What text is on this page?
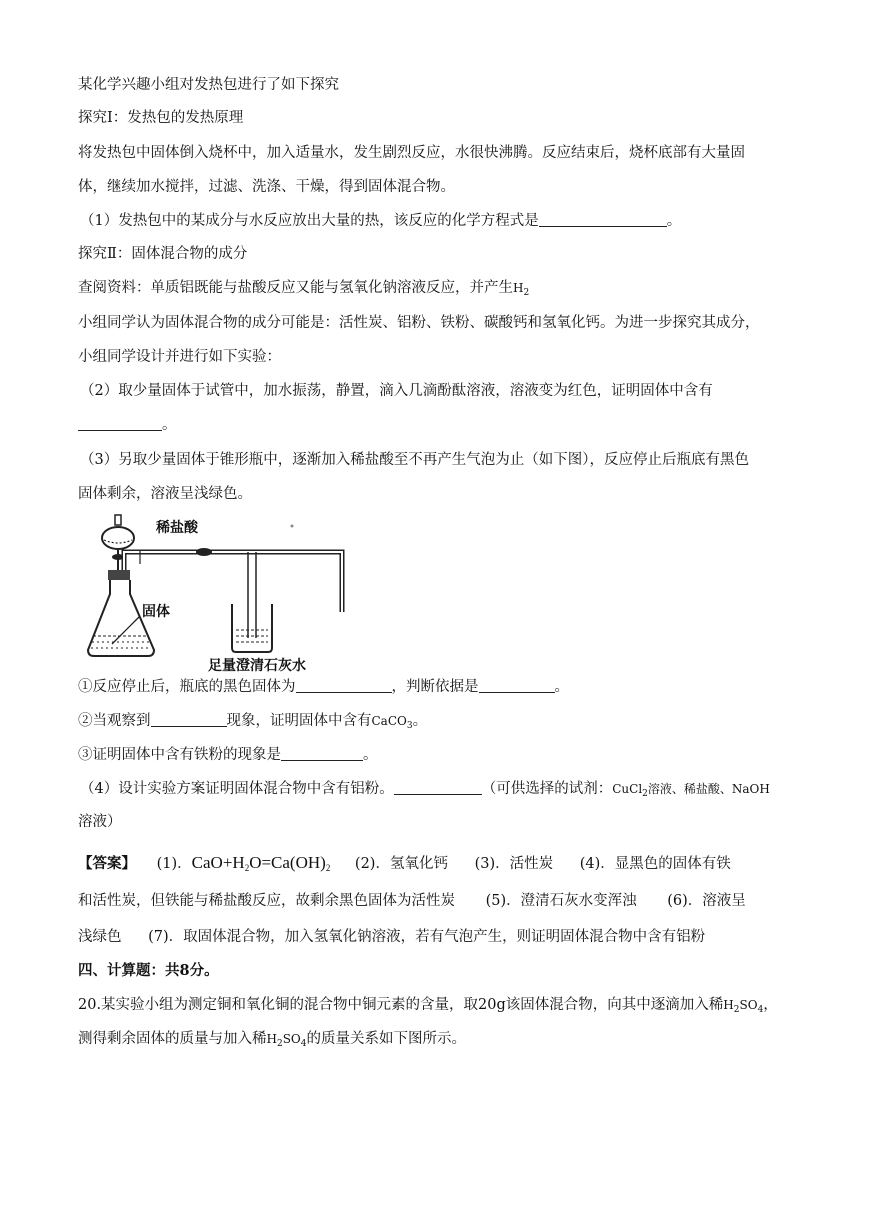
某化学兴趣小组对发热包进行了如下探究
探究Ⅰ：发热包的发热原理
将发热包中固体倒入烧杯中，加入适量水，发生剧烈反应，水很快沸腾。反应结束后，烧杯底部有大量固
体，继续加水搅拌，过滤、洗涤、干燥，得到固体混合物。
（1）发热包中的某成分与水反应放出大量的热，该反应的化学方程式是	。
探究Ⅱ：固体混合物的成分
查阅资料：单质铝既能与盐酸反应又能与氢氧化钠溶液反应，并产生$H_2$
小组同学认为固体混合物的成分可能是：活性炭、铝粉、铁粉、碳酸钙和氢氧化钙。为进一步探究其成分，
小组同学设计并进行如下实验：
（2）取少量固体于试管中，加水振荡，静置，滴入几滴酚酞溶液，溶液变为红色，证明固体中含有
。
（3）另取少量固体于锥形瓶中，逐渐加入稀盐酸至不再产生气泡为止（如下图），反应停止后瓶底有黑色
固体剩余，溶液呈浅绿色。
稀盐酸
固体
足量澄清石灰水
①反应停止后，瓶底的黑色固体为	，判断依据是	。
②当观察到	现象，证明固体中含有CaCO$_3$。
③证明固体中含有铁粉的现象是	。
（4）设计实验方案证明固体混合物中含有铝粉。	（可供选择的试剂：CuCl$_2$溶液、稀盐酸、NaOH
溶液）
【答案】 (1)．$CaO+H_2O=Ca(OH)_2$ (2)．氢氧化钙 (3)．活性炭 (4)．显黑色的固体有铁
和活性炭，但铁能与稀盐酸反应，故剩余黑色固体为活性炭 (5)．澄清石灰水变浑浊 (6)．溶液呈
浅绿色 (7)．取固体混合物，加入氢氧化钠溶液，若有气泡产生，则证明固体混合物中含有铝粉
四、计算题：共8分。
20.某实验小组为测定铜和氧化铜的混合物中铜元素的含量，取20g该固体混合物，向其中逐滴加入稀$H_2SO_4$，
测得剩余固体的质量与加入稀$H_2SO_4$的质量关系如下图所示。
